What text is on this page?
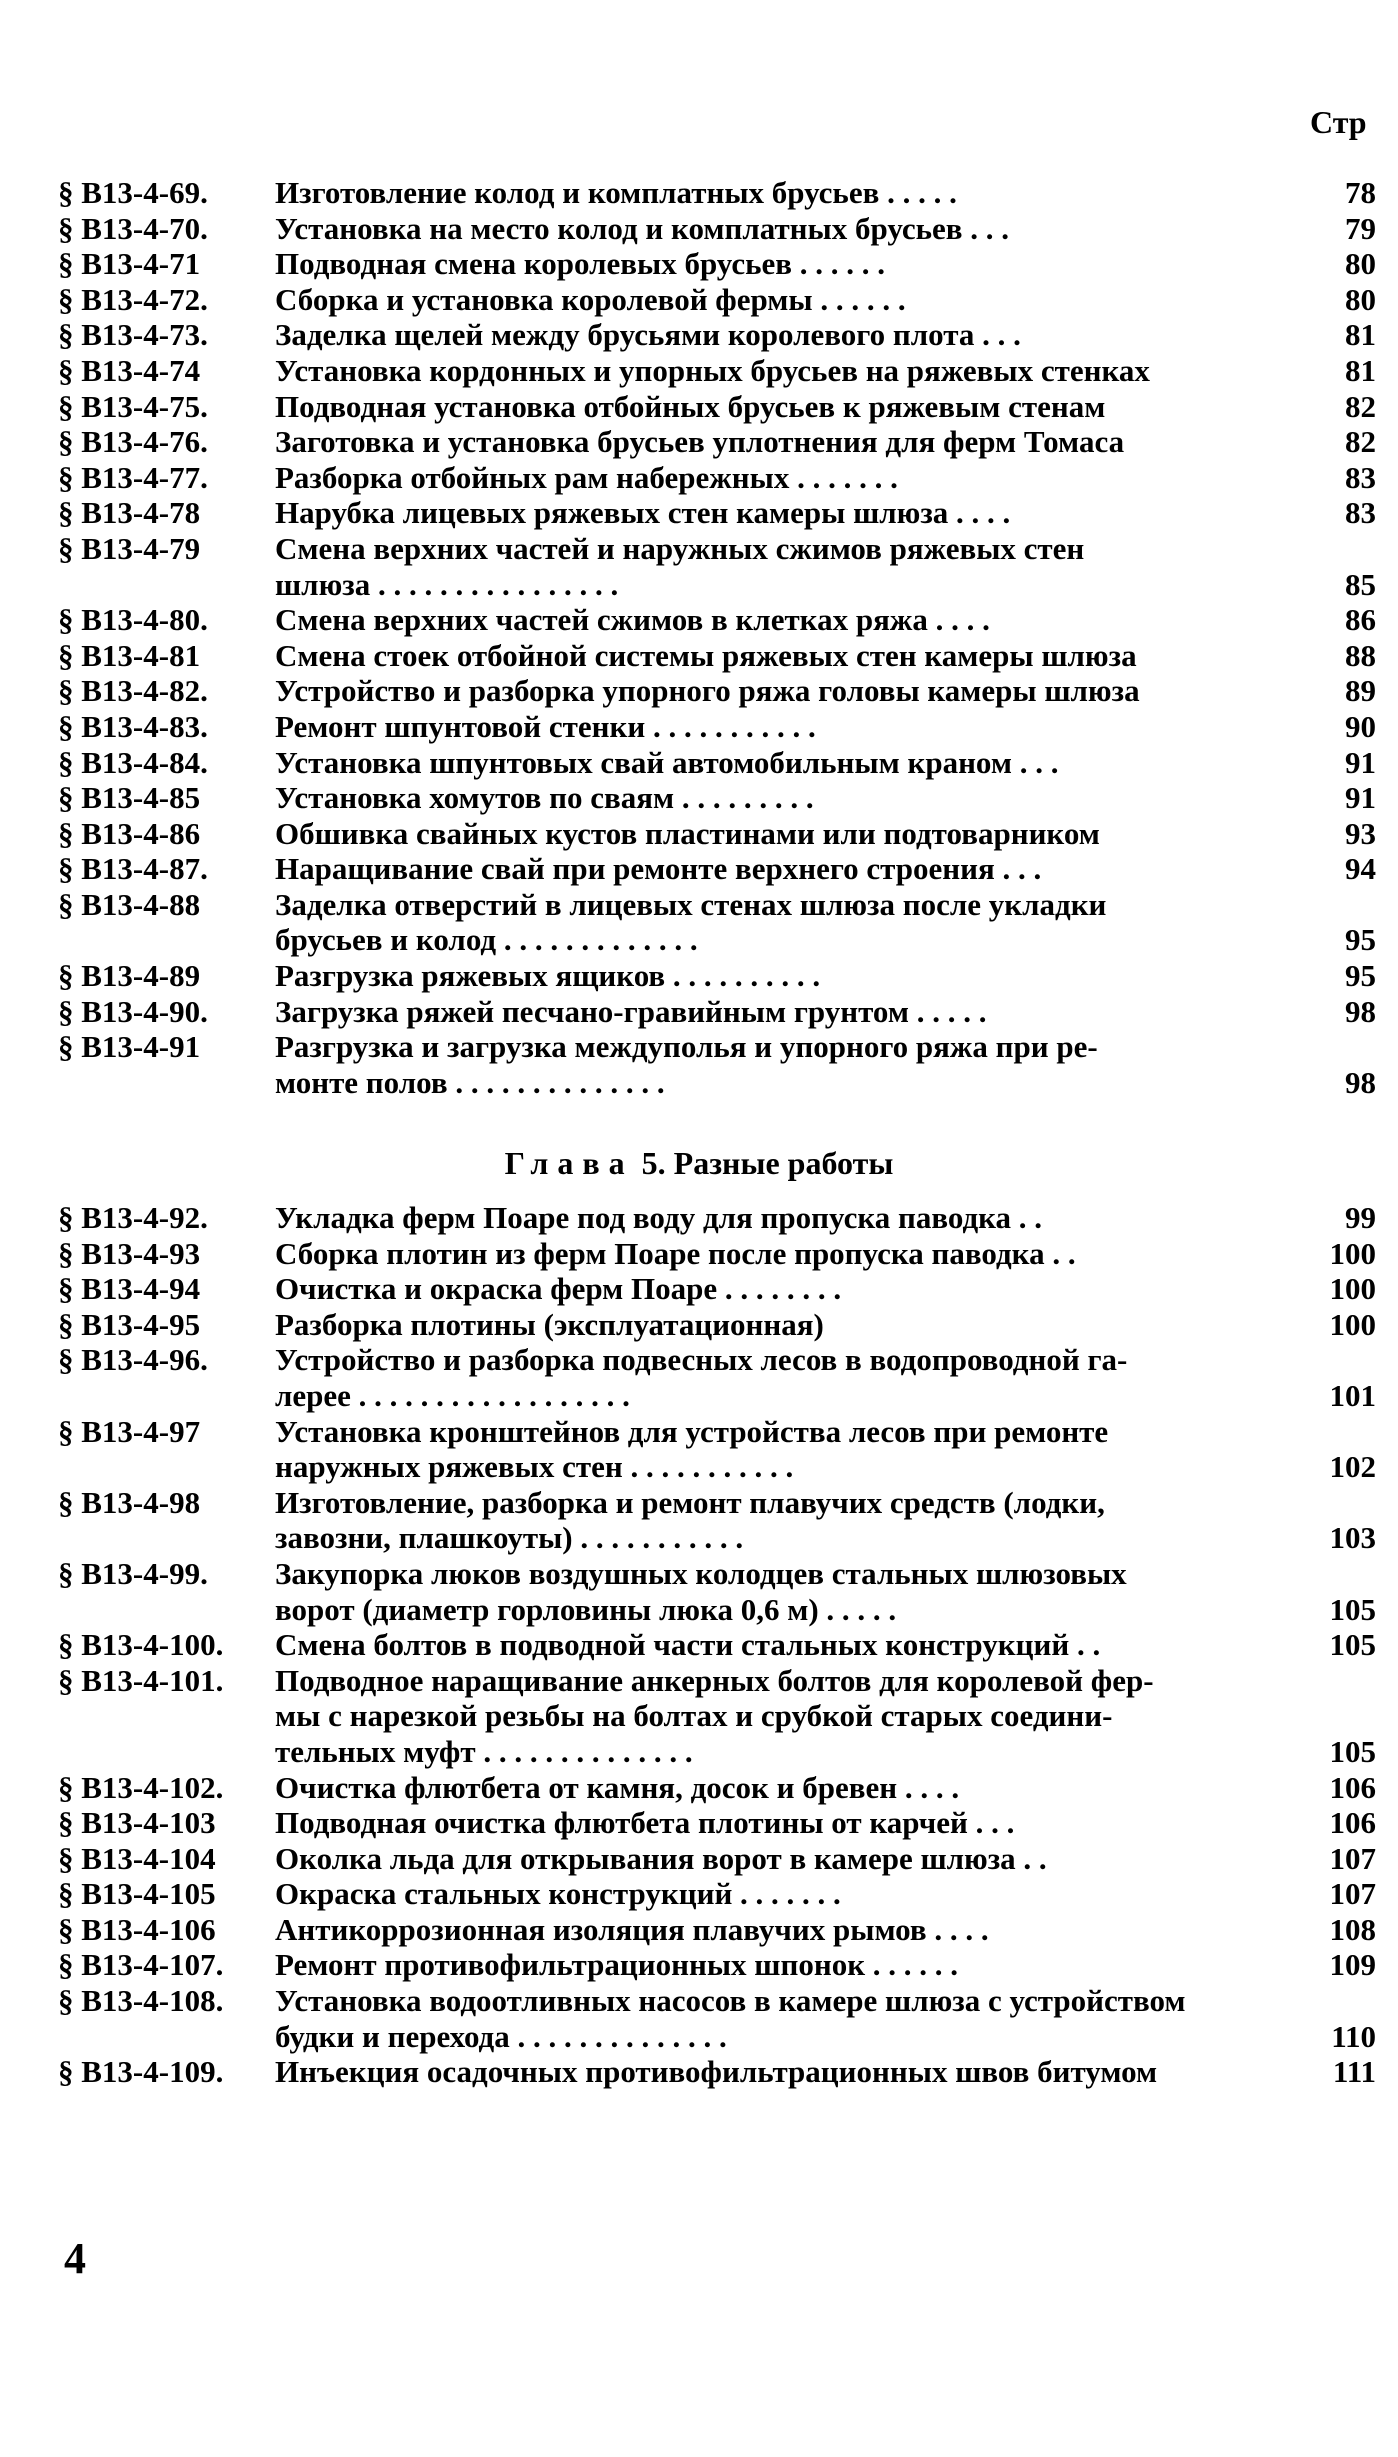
Стр
§ В13-4-69.	Изготовление колод и комплатных брусьев . . . . .	78
§ В13-4-70.	Установка на место колод и комплатных брусьев . . .	79
§ В13-4-71	Подводная смена королевых брусьев . . . . . .	80
§ В13-4-72.	Сборка и установка королевой фермы . . . . . .	80
§ В13-4-73.	Заделка щелей между брусьями королевого плота . . .	81
§ В13-4-74	Установка кордонных и упорных брусьев на ряжевых стенках	81
§ В13-4-75.	Подводная установка отбойных брусьев к ряжевым стенам	82
§ В13-4-76.	Заготовка и установка брусьев уплотнения для ферм Томаса	82
§ В13-4-77.	Разборка отбойных рам набережных . . . . . . .	83
§ В13-4-78	Нарубка лицевых ряжевых стен камеры шлюза . . . .	83
§ В13-4-79	Смена верхних частей и наружных сжимов ряжевых стен
шлюза . . . . . . . . . . . . . . . .	85
§ В13-4-80.	Смена верхних частей сжимов в клетках ряжа . . . .	86
§ В13-4-81	Смена стоек отбойной системы ряжевых стен камеры шлюза	88
§ В13-4-82.	Устройство и разборка упорного ряжа головы камеры шлюза	89
§ В13-4-83.	Ремонт шпунтовой стенки . . . . . . . . . . .	90
§ В13-4-84.	Установка шпунтовых свай автомобильным краном . . .	91
§ В13-4-85	Установка хомутов по сваям . . . . . . . . .	91
§ В13-4-86	Обшивка свайных кустов пластинами или подтоварником	93
§ В13-4-87.	Наращивание свай при ремонте верхнего строения . . .	94
§ В13-4-88	Заделка отверстий в лицевых стенах шлюза после укладки
брусьев и колод . . . . . . . . . . . . .	95
§ В13-4-89	Разгрузка ряжевых ящиков . . . . . . . . . .	95
§ В13-4-90.	Загрузка ряжей песчано-гравийным грунтом . . . . .	98
§ В13-4-91	Разгрузка и загрузка междуполья и упорного ряжа при ре-
монте полов . . . . . . . . . . . . . .	98
Глава 5. Разные работы
§ В13-4-92.	Укладка ферм Поаре под воду для пропуска паводка . .	99
§ В13-4-93	Сборка плотин из ферм Поаре после пропуска паводка . .	100
§ В13-4-94	Очистка и окраска ферм Поаре . . . . . . . .	100
§ В13-4-95	Разборка плотины (эксплуатационная)	100
§ В13-4-96.	Устройство и разборка подвесных лесов в водопроводной га-
лерее . . . . . . . . . . . . . . . . . .	101
§ В13-4-97	Установка кронштейнов для устройства лесов при ремонте
наружных ряжевых стен . . . . . . . . . . .	102
§ В13-4-98	Изготовление, разборка и ремонт плавучих средств (лодки,
завозни, плашкоуты) . . . . . . . . . . .	103
§ В13-4-99.	Закупорка люков воздушных колодцев стальных шлюзовых
ворот (диаметр горловины люка 0,6 м) . . . . .	105
§ В13-4-100.	Смена болтов в подводной части стальных конструкций . .	105
§ В13-4-101.	Подводное наращивание анкерных болтов для королевой фер-
мы с нарезкой резьбы на болтах и срубкой старых соедини-
тельных муфт . . . . . . . . . . . . . .	105
§ В13-4-102.	Очистка флютбета от камня, досок и бревен . . . .	106
§ В13-4-103	Подводная очистка флютбета плотины от карчей . . .	106
§ В13-4-104	Околка льда для открывания ворот в камере шлюза . .	107
§ В13-4-105	Окраска стальных конструкций . . . . . . .	107
§ В13-4-106	Антикоррозионная изоляция плавучих рымов . . . .	108
§ В13-4-107.	Ремонт противофильтрационных шпонок . . . . . .	109
§ В13-4-108.	Установка водоотливных насосов в камере шлюза с устройством
будки и перехода . . . . . . . . . . . . . .	110
§ В13-4-109.	Инъекция осадочных противофильтрационных швов битумом	111
4
